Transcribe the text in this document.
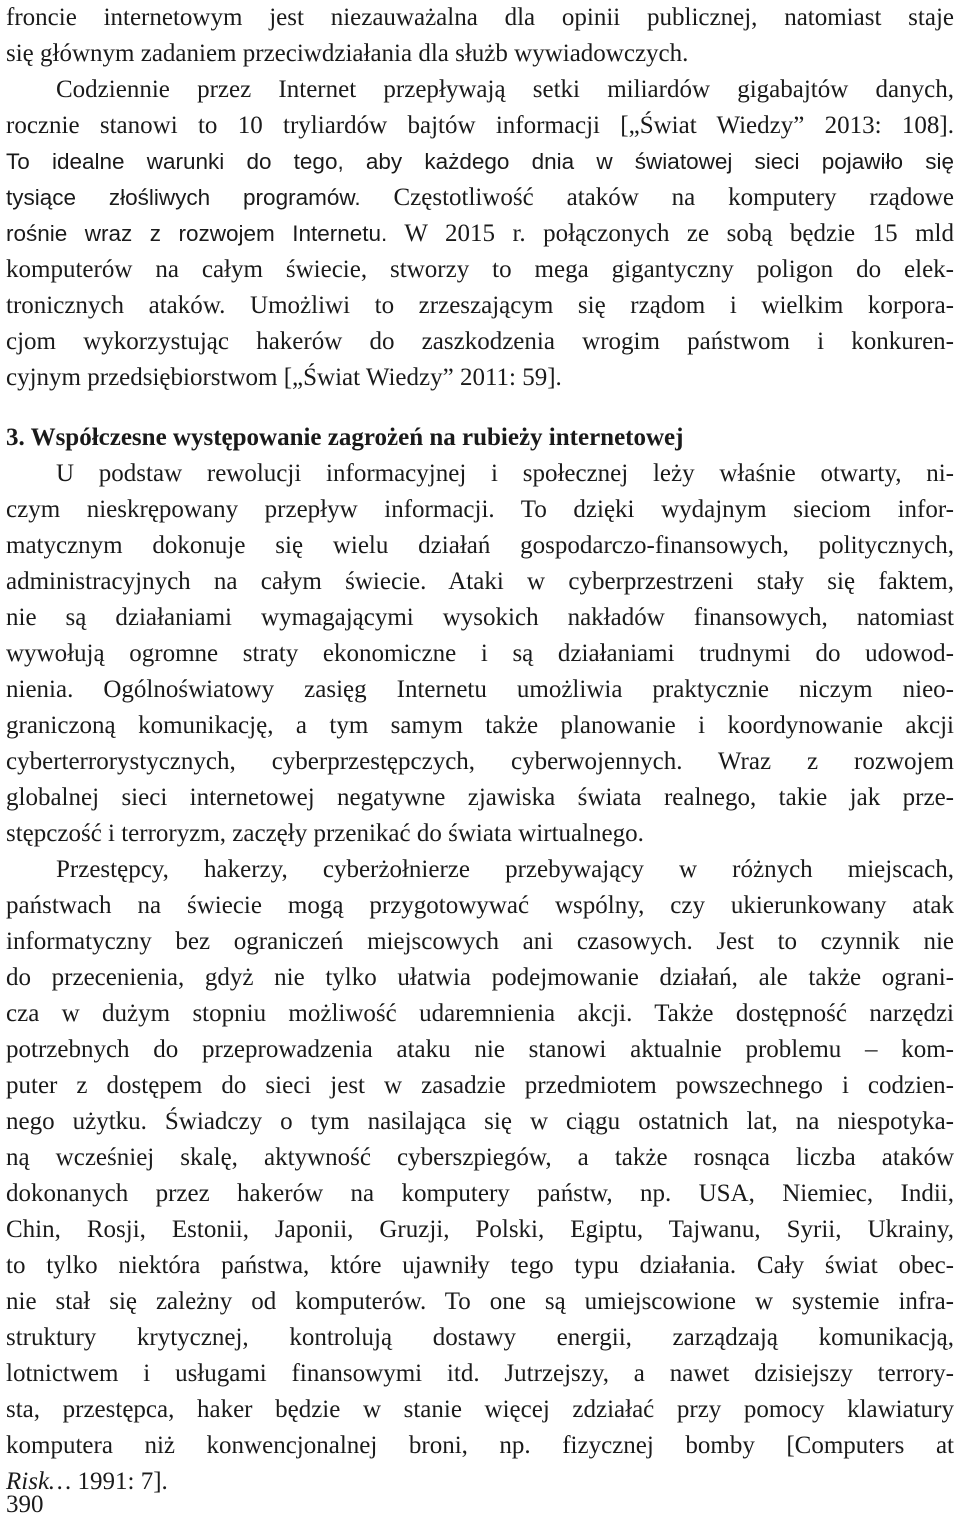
froncie internetowym jest niezauważalna dla opinii publicznej, natomiast staje
się głównym zadaniem przeciwdziałania dla służb wywiadowczych.
Codziennie przez Internet przepływają setki miliardów gigabajtów danych,
rocznie stanowi to 10 tryliardów bajtów informacji [„Świat Wiedzy” 2013: 108].
To idealne warunki do tego, aby każdego dnia w światowej sieci pojawiło się
tysiące złośliwych programów. Częstotliwość ataków na komputery rządowe
rośnie wraz z rozwojem Internetu. W 2015 r. połączonych ze sobą będzie 15 mld
komputerów na całym świecie, stworzy to mega gigantyczny poligon do elek-
tronicznych ataków. Umożliwi to zrzeszającym się rządom i wielkim korpora-
cjom wykorzystując hakerów do zaszkodzenia wrogim państwom i konkuren-
cyjnym przedsiębiorstwom [„Świat Wiedzy” 2011: 59].
3. Współczesne występowanie zagrożeń na rubieży internetowej
U podstaw rewolucji informacyjnej i społecznej leży właśnie otwarty, ni-
czym nieskrępowany przepływ informacji. To dzięki wydajnym sieciom infor-
matycznym dokonuje się wielu działań gospodarczo-finansowych, politycznych,
administracyjnych na całym świecie. Ataki w cyberprzestrzeni stały się faktem,
nie są działaniami wymagającymi wysokich nakładów finansowych, natomiast
wywołują ogromne straty ekonomiczne i są działaniami trudnymi do udowod-
nienia. Ogólnoświatowy zasięg Internetu umożliwia praktycznie niczym nieo-
graniczoną komunikację, a tym samym także planowanie i koordynowanie akcji
cyberterrorystycznych, cyberprzestępczych, cyberwojennych. Wraz z rozwojem
globalnej sieci internetowej negatywne zjawiska świata realnego, takie jak prze-
stępczość i terroryzm, zaczęły przenikać do świata wirtualnego.
Przestępcy, hakerzy, cyberżołnierze przebywający w różnych miejscach,
państwach na świecie mogą przygotowywać wspólny, czy ukierunkowany atak
informatyczny bez ograniczeń miejscowych ani czasowych. Jest to czynnik nie
do przecenienia, gdyż nie tylko ułatwia podejmowanie działań, ale także ograni-
cza w dużym stopniu możliwość udaremnienia akcji. Także dostępność narzędzi
potrzebnych do przeprowadzenia ataku nie stanowi aktualnie problemu – kom-
puter z dostępem do sieci jest w zasadzie przedmiotem powszechnego i codzien-
nego użytku. Świadczy o tym nasilająca się w ciągu ostatnich lat, na niespotyka-
ną wcześniej skalę, aktywność cyberszpiegów, a także rosnąca liczba ataków
dokonanych przez hakerów na komputery państw, np. USA, Niemiec, Indii,
Chin, Rosji, Estonii, Japonii, Gruzji, Polski, Egiptu, Tajwanu, Syrii, Ukrainy,
to tylko niektóra państwa, które ujawniły tego typu działania. Cały świat obec-
nie stał się zależny od komputerów. To one są umiejscowione w systemie infra-
struktury krytycznej, kontrolują dostawy energii, zarządzają komunikacją,
lotnictwem i usługami finansowymi itd. Jutrzejszy, a nawet dzisiejszy terrory-
sta, przestępca, haker będzie w stanie więcej zdziałać przy pomocy klawiatury
komputera niż konwencjonalnej broni, np. fizycznej bomby [Computers at
Risk… 1991: 7].
390
